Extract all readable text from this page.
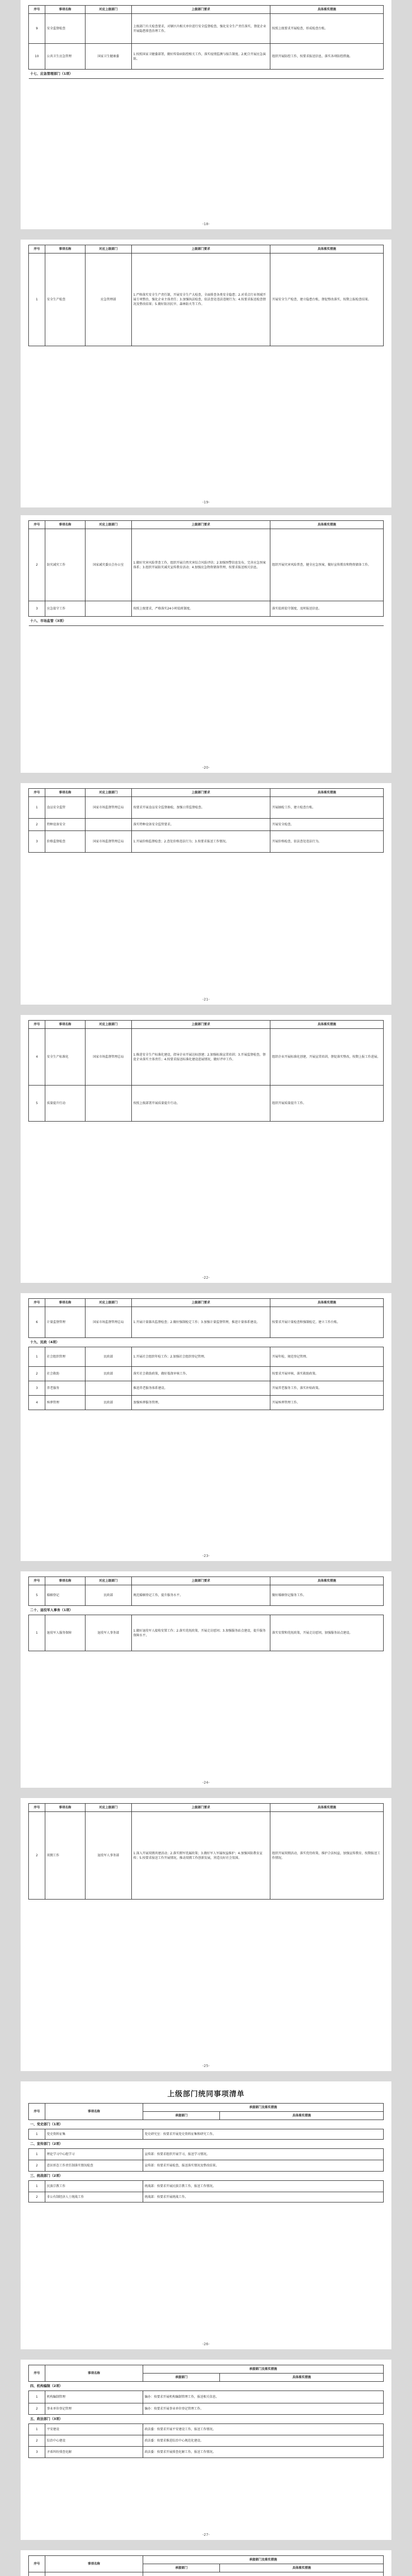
序号	事项名称	对应上级部门	上级部门要求	具体落实措施
9	安全监督检查		上级部门有关检查要求，对辖区内相关单位进行安全监督检查，强化安全生产责任落实，督促企业开展隐患排查治理工作。	按照上级要求开展检查，形成检查台账。
10	公共卫生应急管理	国家卫生健康委	1.按照国家卫健委部署，做好传染病防控相关工作，落实疫情监测与报告制度。2.配合开展应急演练。	组织开展防控工作，按要求报送信息，落实各项防控措施。
十七、应急管理部门（1项）				
-18-
序号	事项名称	对应上级部门	上级部门要求	具体落实措施
1	安全生产检查	应急管理部	1.严格落实安全生产责任制，开展安全生产大检查，全面排查各类安全隐患；2.对重点行业领域开展专项整治，强化企业主体责任；3.加强执法检查，依法查处违法违规行为；4.按要求报送检查情况及整改结果；5.做好防汛抗旱、森林防火等工作。	开展安全生产检查，建立隐患台账，督促整改落实，按期上报检查结果。
-19-
序号	事项名称	对应上级部门	上级部门要求	具体落实措施
2	防灾减灾工作	国家减灾委员会办公室	1.做好灾害风险普查工作，组织开展自然灾害综合风险评估；2.加强预警信息发布，完善应急预案体系；3.组织开展防灾减灾宣传教育活动；4.加强应急物资储备管理，按要求报送相关信息。	组织开展灾害风险普查，健全应急预案，做好宣传教育和物资储备工作。
3	应急值守工作		按照上级要求，严格落实24小时值班制度。	落实值班值守制度，及时报送信息。
十八、市场监管（3项）				
-20-
序号	事项名称	对应上级部门	上级部门要求	具体落实措施
1	食品安全监管	国家市场监督管理总局	按要求开展食品安全监督抽检，加强日常监督检查。	开展抽检工作，建立检查台账。
2	特种设备安全		落实特种设备安全监管要求。	开展安全检查。
3	价格监督检查	国家市场监督管理总局	1.开展价格监督检查；2.查处价格违法行为；3.按要求报送工作情况。	开展价格检查，依法查处违法行为。
-21-
序号	事项名称	对应上级部门	上级部门要求	具体落实措施
4	安全生产标准化	国家市场监督管理总局	1.推进安全生产标准化建设，指导企业开展达标创建；2.加强标准宣贯培训；3.开展监督检查，督促企业落实主体责任；4.按要求报送标准化建设进展情况，做好评审工作。	组织企业开展标准化创建，开展宣贯培训，督促落实整改，按期上报工作进展。
5	质量提升行动		按照上级部署开展质量提升行动。	组织开展质量提升工作。
-22-
序号	事项名称	对应上级部门	上级部门要求	具体落实措施
6	计量监督管理	国家市场监督管理总局	1.开展计量器具监督检查；2.做好强制检定工作；3.加强计量监督管理，推进计量体系建设。	按要求开展计量检查和强制检定，建立工作台账。
十九、民政（4项）				
1	社会组织管理	民政部	1.开展社会组织年检工作；2.加强社会组织登记管理。	开展年检，规范登记管理。
2	社会救助	民政部	落实社会救助政策，做好低保审核工作。	按要求开展审核，落实救助政策。
3	养老服务		推进养老服务体系建设。	开展养老服务工作，落实补贴政策。
4	殡葬管理	民政部	加强殡葬服务管理。	开展殡葬管理工作。
-23-
序号	事项名称	对应上级部门	上级部门要求	具体落实措施
5	婚姻登记	民政部	规范婚姻登记工作，提升服务水平。	做好婚姻登记服务工作。
二十、退役军人事务（1项）				
1	退役军人服务保障	退役军人事务部	1.做好退役军人接收安置工作；2.落实优抚政策，开展走访慰问；3.加强服务站点建设，提升服务保障水平。	落实安置和优抚政策，开展走访慰问，加强服务站点建设。
-24-
序号	事项名称	对应上级部门	上级部门要求	具体落实措施
2	双拥工作	退役军人事务部	1.深入开展双拥共建活动；2.落实拥军优属政策；3.做好军人军属权益维护；4.加强国防教育宣传；5.按要求报送工作开展情况，推动双拥工作创新发展，营造良好社会氛围。	组织开展双拥活动，落实优待政策，维护合法权益，加强宣传教育，按期报送工作情况。
-25-
上级部门统同事项清单
序号	事项名称	承接部门及落实措施	
		承接部门	具体落实措施
一、党史部门（1项）			
1	党史资料征集	党史研究室：按要求开展党史资料征集和研究工作。	
二、宣传部门（2项）			
1	理论学习中心组学习	宣传部：按要求组织开展学习，报送学习情况。	
2	意识形态工作责任制落实情况检查	宣传部：按要求开展检查，报送落实情况及整改结果。	
三、统战部门（2项）			
1	民族宗教工作	统战部：按要求开展民族宗教工作，报送工作情况。	
2	非公有制经济人士统战工作	统战部：按要求开展统战工作。	
-26-
序号	事项名称	承接部门及落实措施	
		承接部门	具体落实措施
四、机构编制（2项）			
1	机构编制管理	编办：按要求开展机构编制管理工作，报送相关信息。	
2	事业单位登记管理	编办：按要求开展事业单位登记管理工作。	
五、政法部门（3项）			
1	平安建设	政法委：按要求开展平安建设工作，报送工作情况。	
2	综治中心建设	政法委：按要求推进综治中心规范化建设。	
3	矛盾纠纷排查化解	政法委：按要求开展排查化解工作，报送工作情况。	
-27-
序号	事项名称	承接部门及落实措施	
		承接部门	具体落实措施
